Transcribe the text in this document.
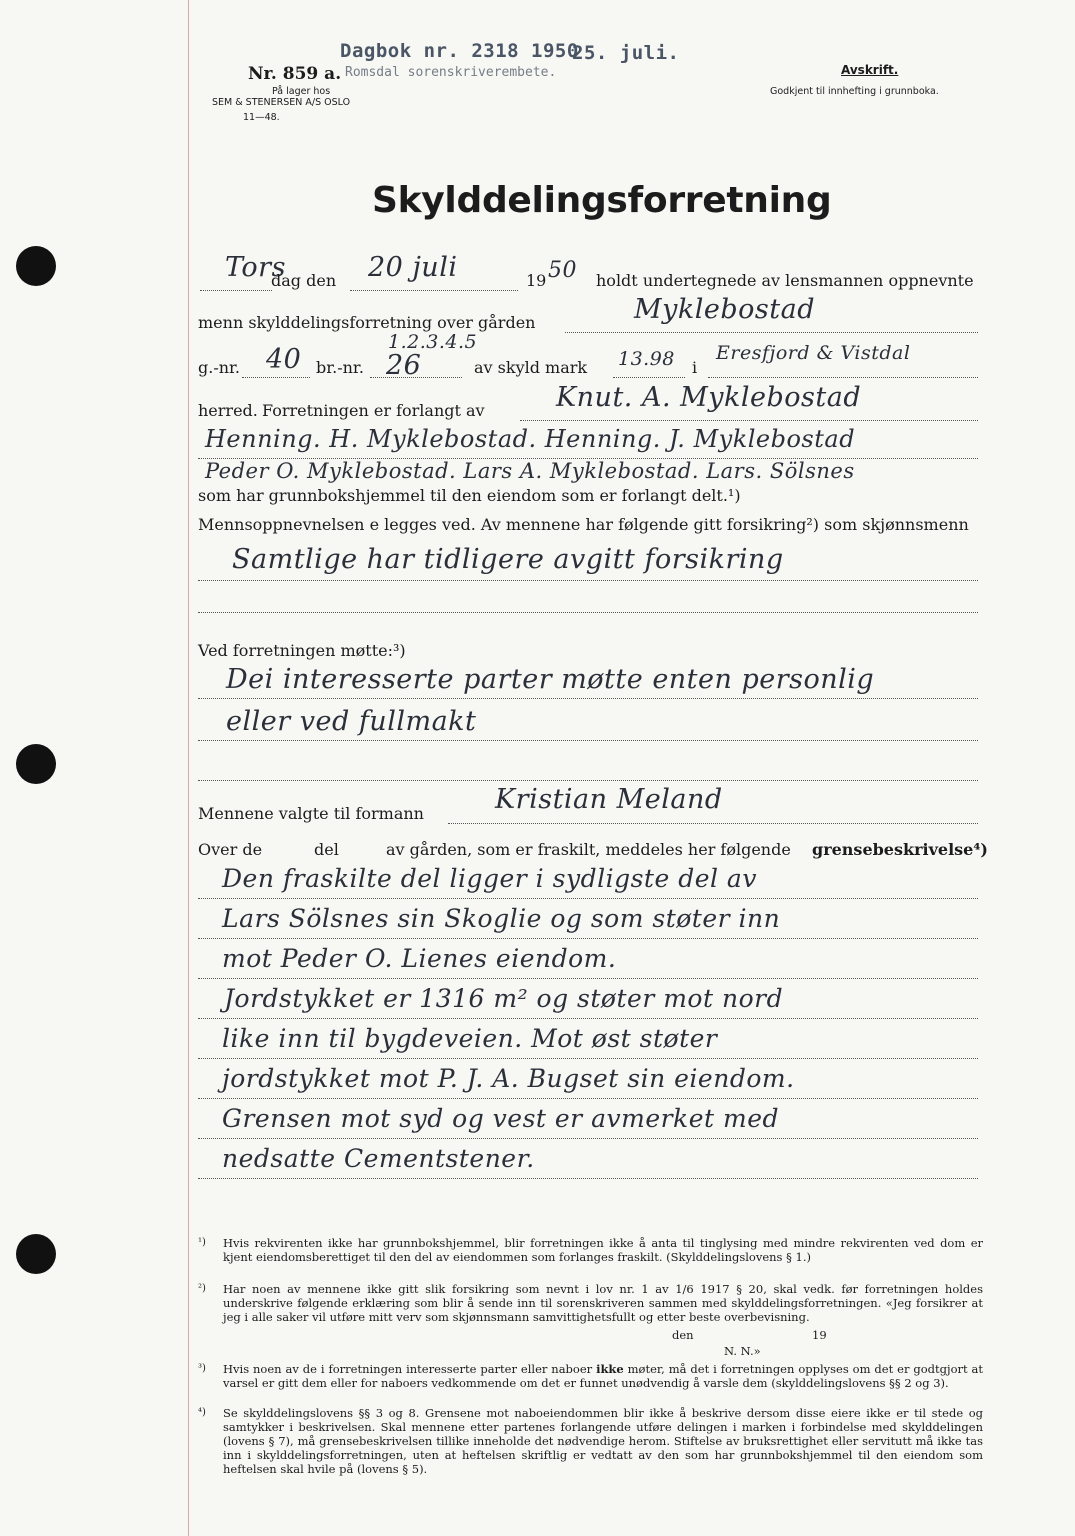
Dagbok nr. 2318 1950
25. juli.
Romsdal sorenskriverembete.
Nr. 859 a.
På lager hos
SEM & STENERSEN A/S OSLO
11—48.
Avskrift.
Godkjent til innhefting i grunnboka.
Skylddelingsforretning
Tors
dag den 20 juli	19 50 holdt undertegnede av lensmannen oppnevnte
menn skylddelingsforretning over gården	Myklebostad
g.-nr. 40 br.-nr.
1.2.3.4.5
26	av skyld mark 13.98 i
Eresfjord & Vistdal
herred. Forretningen er forlangt av	Knut. A. Myklebostad
Henning. H. Myklebostad. Henning. J. Myklebostad
Peder O. Myklebostad. Lars A. Myklebostad. Lars. Sölsnes
som har grunnbokshjemmel til den eiendom som er forlangt delt.¹)
Mennsoppnevnelsen e legges ved. Av mennene har følgende gitt forsikring²) som skjønnsmenn
Samtlige har tidligere avgitt forsikring
Ved forretningen møtte:³)
Dei interesserte parter møtte enten personlig
eller ved fullmakt
Mennene valgte til formann	Kristian Meland
Over de	del	av gården, som er fraskilt, meddeles her følgende grensebeskrivelse⁴)
¹) Hvis rekvirenten ikke har grunnbokshjemmel, blir forretningen ikke å anta til tinglysing med mindre rekvirenten ved dom er kjent eiendomsberettiget til den del av eiendommen som forlanges fraskilt. (Skylddelingslovens § 1.)
²) Har noen av mennene ikke gitt slik forsikring som nevnt i lov nr. 1 av 1/6 1917 § 20, skal vedk. før forretningen holdes underskrive følgende erklæring som blir å sende inn til sorenskriveren sammen med skylddelingsforretningen. «Jeg forsikrer at jeg i alle saker vil utføre mitt verv som skjønnsmann samvittighetsfullt og etter beste overbevisning.
den	19
N. N.»
³) Hvis noen av de i forretningen interesserte parter eller naboer ikke møter, må det i forretningen opplyses om det er godtgjort at varsel er gitt dem eller for naboers vedkommende om det er funnet unødvendig å varsle dem (skylddelingslovens §§ 2 og 3).
⁴) Se skylddelingslovens §§ 3 og 8. Grensene mot naboeiendommen blir ikke å beskrive dersom disse eiere ikke er til stede og samtykker i beskrivelsen. Skal mennene etter partenes forlangende utføre delingen i marken i forbindelse med skylddelingen (lovens § 7), må grensebeskrivelsen tillike inneholde det nødvendige herom. Stiftelse av bruksrettighet eller servitutt må ikke tas inn i skylddelingsforretningen, uten at heftelsen skriftlig er vedtatt av den som har grunnbokshjemmel til den eiendom som heftelsen skal hvile på (lovens § 5).
Den fraskilte del ligger i sydligste del av
Lars Sölsnes sin Skoglie og som støter inn
mot Peder O. Lienes eiendom.
Jordstykket er 1316 m² og støter mot nord
like inn til bygdeveien. Mot øst støter
jordstykket mot P. J. A. Bugset sin eiendom.
Grensen mot syd og vest er avmerket med
nedsatte Cementstener.
